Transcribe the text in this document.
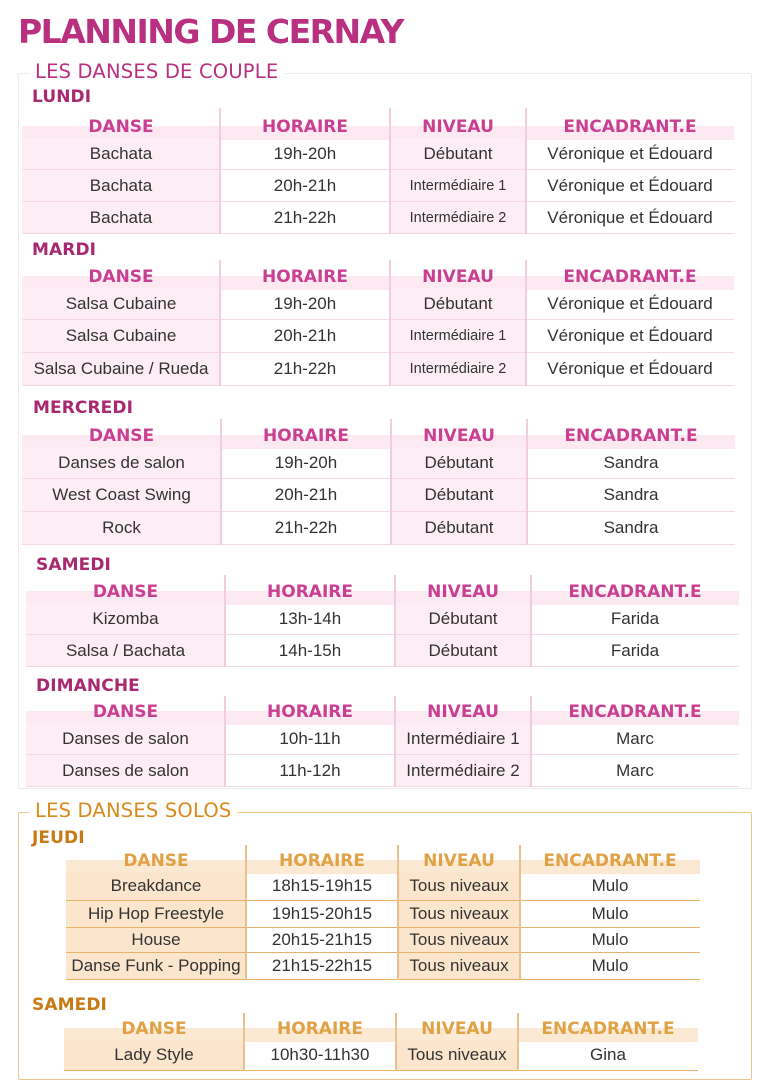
PLANNING DE CERNAY
LES DANSES DE COUPLE
LES DANSES SOLOS
LUNDI
MARDI
MERCREDI
SAMEDI
DIMANCHE
JEUDI
SAMEDI
DANSE	HORAIRE	NIVEAU	ENCADRANT.E
Bachata	19h-20h	Débutant	Véronique et Édouard
Bachata	20h-21h	Intermédiaire 1	Véronique et Édouard
Bachata	21h-22h	Intermédiaire 2	Véronique et Édouard
DANSE	HORAIRE	NIVEAU	ENCADRANT.E
Salsa Cubaine	19h-20h	Débutant	Véronique et Édouard
Salsa Cubaine	20h-21h	Intermédiaire 1	Véronique et Édouard
Salsa Cubaine / Rueda	21h-22h	Intermédiaire 2	Véronique et Édouard
DANSE	HORAIRE	NIVEAU	ENCADRANT.E
Danses de salon	19h-20h	Débutant	Sandra
West Coast Swing	20h-21h	Débutant	Sandra
Rock	21h-22h	Débutant	Sandra
DANSE	HORAIRE	NIVEAU	ENCADRANT.E
Kizomba	13h-14h	Débutant	Farida
Salsa / Bachata	14h-15h	Débutant	Farida
DANSE	HORAIRE	NIVEAU	ENCADRANT.E
Danses de salon	10h-11h	Intermédiaire 1	Marc
Danses de salon	11h-12h	Intermédiaire 2	Marc
DANSE	HORAIRE	NIVEAU	ENCADRANT.E
Breakdance	18h15-19h15	Tous niveaux	Mulo
Hip Hop Freestyle	19h15-20h15	Tous niveaux	Mulo
House	20h15-21h15	Tous niveaux	Mulo
Danse Funk - Popping	21h15-22h15	Tous niveaux	Mulo
DANSE	HORAIRE	NIVEAU	ENCADRANT.E
Lady Style	10h30-11h30	Tous niveaux	Gina
